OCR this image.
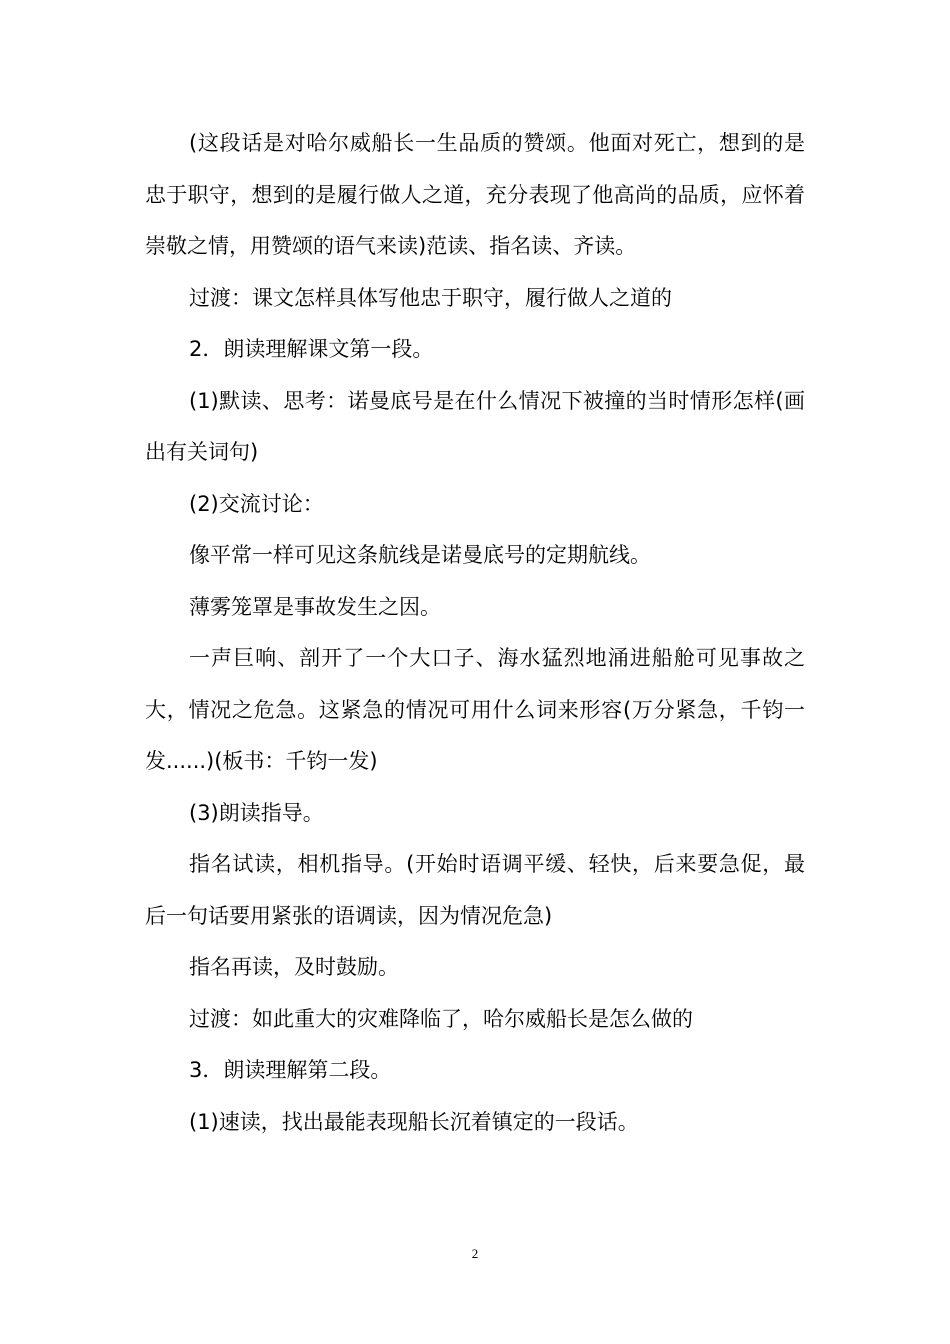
(这段话是对哈尔威船长一生品质的赞颂。他面对死亡，想到的是忠于职守，想到的是履行做人之道，充分表现了他高尚的品质，应怀着崇敬之情，用赞颂的语气来读)范读、指名读、齐读。

过渡：课文怎样具体写他忠于职守，履行做人之道的

2．朗读理解课文第一段。

(1)默读、思考：诺曼底号是在什么情况下被撞的当时情形怎样(画出有关词句)

(2)交流讨论：

像平常一样可见这条航线是诺曼底号的定期航线。

薄雾笼罩是事故发生之因。

一声巨响、剖开了一个大口子、海水猛烈地涌进船舱可见事故之大，情况之危急。这紧急的情况可用什么词来形容(万分紧急，千钧一发......)(板书：千钧一发)

(3)朗读指导。

指名试读，相机指导。(开始时语调平缓、轻快，后来要急促，最后一句话要用紧张的语调读，因为情况危急)

指名再读，及时鼓励。

过渡：如此重大的灾难降临了，哈尔威船长是怎么做的

3．朗读理解第二段。

(1)速读，找出最能表现船长沉着镇定的一段话。

2
